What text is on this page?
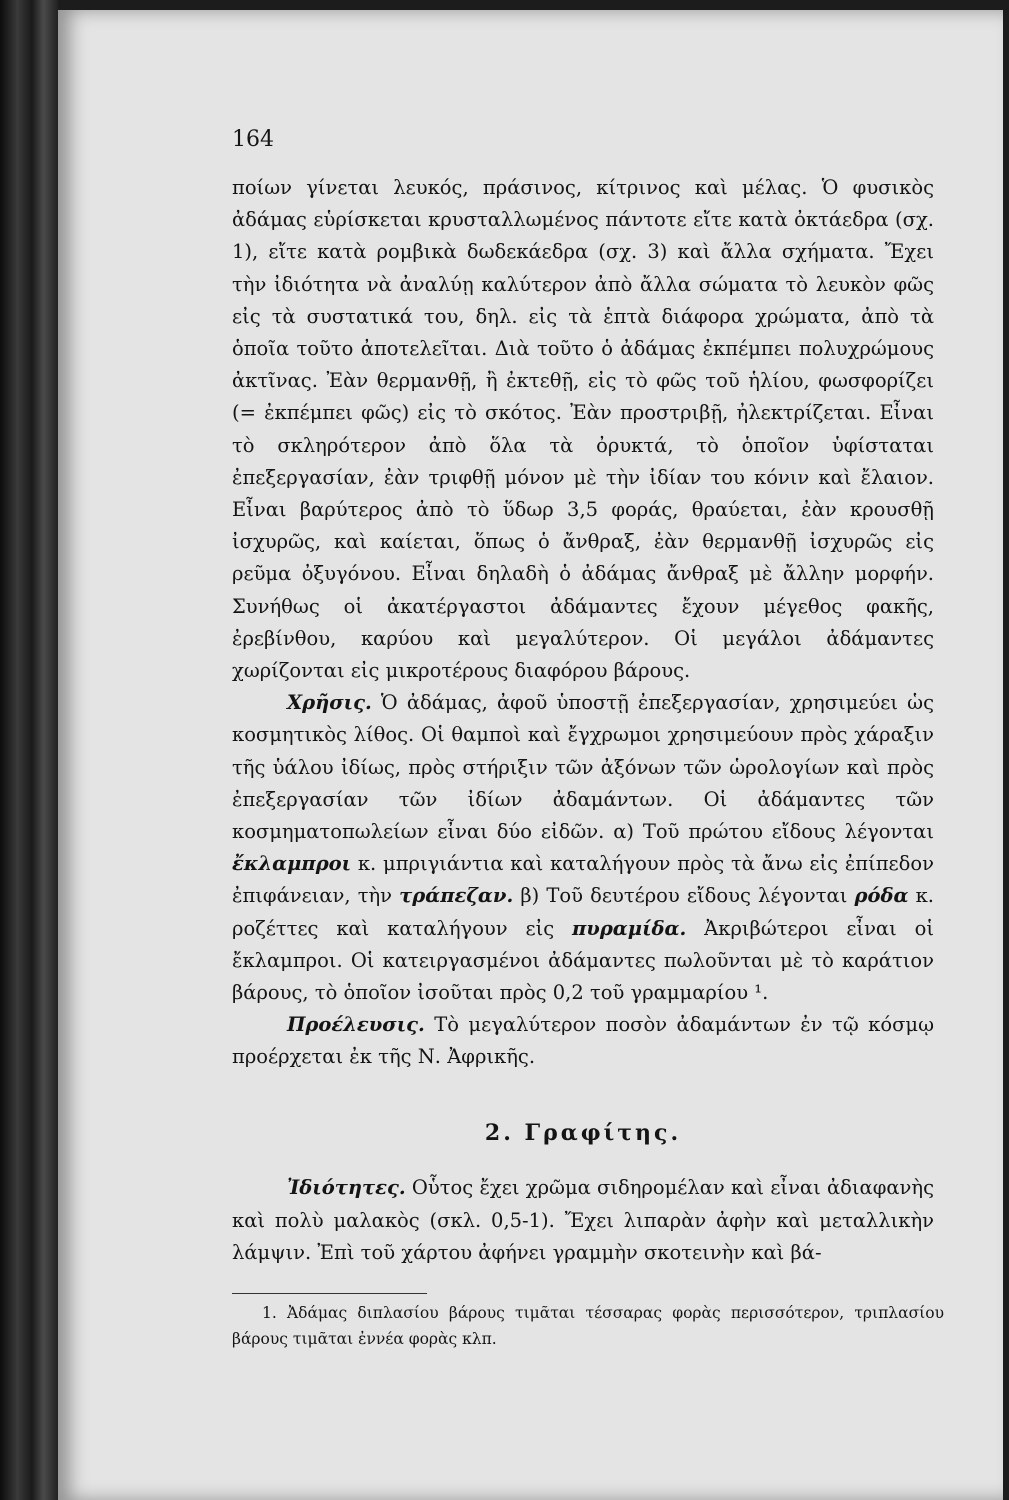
164

ποίων γίνεται λευκός, πράσινος, κίτρινος καὶ μέλας. Ὁ φυσικὸς ἀδάμας εὑρίσκεται κρυσταλλωμένος πάντοτε εἴτε κατὰ ὀκτάεδρα (σχ. 1), εἴτε κατὰ ρομβικὰ δωδεκάεδρα (σχ. 3) καὶ ἄλλα σχήματα. Ἔχει τὴν ἰδιότητα νὰ ἀναλύῃ καλύτερον ἀπὸ ἄλλα σώματα τὸ λευκὸν φῶς εἰς τὰ συστατικά του, δηλ. εἰς τὰ ἑπτὰ διάφορα χρώματα, ἀπὸ τὰ ὁποῖα τοῦτο ἀποτελεῖται. Διὰ τοῦτο ὁ ἀδάμας ἐκπέμπει πολυχρώμους ἀκτῖνας. Ἐὰν θερμανθῇ, ἢ ἐκτεθῇ, εἰς τὸ φῶς τοῦ ἡλίου, φωσφορίζει (= ἐκπέμπει φῶς) εἰς τὸ σκότος. Ἐὰν προστριβῇ, ἠλεκτρίζεται. Εἶναι τὸ σκληρότερον ἀπὸ ὅλα τὰ ὀρυκτά, τὸ ὁποῖον ὑφίσταται ἐπεξεργασίαν, ἐὰν τριφθῇ μόνον μὲ τὴν ἰδίαν του κόνιν καὶ ἔλαιον. Εἶναι βαρύτερος ἀπὸ τὸ ὕδωρ 3,5 φοράς, θραύεται, ἐὰν κρουσθῇ ἰσχυρῶς, καὶ καίεται, ὅπως ὁ ἄνθραξ, ἐὰν θερμανθῇ ἰσχυρῶς εἰς ρεῦμα ὀξυγόνου. Εἶναι δηλαδὴ ὁ ἀδάμας ἄνθραξ μὲ ἄλλην μορφήν. Συνήθως οἱ ἀκατέργαστοι ἀδάμαντες ἔχουν μέγεθος φακῆς, ἐρεβίνθου, καρύου καὶ μεγαλύτερον. Οἱ μεγάλοι ἀδάμαντες χωρίζονται εἰς μικροτέρους διαφόρου βάρους.

Χρῆσις. Ὁ ἀδάμας, ἀφοῦ ὑποστῇ ἐπεξεργασίαν, χρησιμεύει ὡς κοσμητικὸς λίθος. Οἱ θαμποὶ καὶ ἔγχρωμοι χρησιμεύουν πρὸς χάραξιν τῆς ὑάλου ἰδίως, πρὸς στήριξιν τῶν ἀξόνων τῶν ὡρολογίων καὶ πρὸς ἐπεξεργασίαν τῶν ἰδίων ἀδαμάντων. Οἱ ἀδάμαντες τῶν κοσμηματοπωλείων εἶναι δύο εἰδῶν. α) Τοῦ πρώτου εἴδους λέγονται ἔκλαμπροι κ. μπριγιάντια καὶ καταλήγουν πρὸς τὰ ἄνω εἰς ἐπίπεδον ἐπιφάνειαν, τὴν τράπεζαν. β) Τοῦ δευτέρου εἴδους λέγονται ρόδα κ. ροζέττες καὶ καταλήγουν εἰς πυραμίδα. Ἀκριβώτεροι εἶναι οἱ ἔκλαμπροι. Οἱ κατειργασμένοι ἀδάμαντες πωλοῦνται μὲ τὸ καράτιον βάρους, τὸ ὁποῖον ἰσοῦται πρὸς 0,2 τοῦ γραμμαρίου ¹.

Προέλευσις. Τὸ μεγαλύτερον ποσὸν ἀδαμάντων ἐν τῷ κόσμῳ προέρχεται ἐκ τῆς Ν. Ἀφρικῆς.

2. Γραφίτης.

Ἰδιότητες. Οὗτος ἔχει χρῶμα σιδηρομέλαν καὶ εἶναι ἀδιαφανὴς καὶ πολὺ μαλακὸς (σκλ. 0,5-1). Ἔχει λιπαρὰν ἀφὴν καὶ μεταλλικὴν λάμψιν. Ἐπὶ τοῦ χάρτου ἀφήνει γραμμὴν σκοτεινὴν καὶ βά-

1. Ἀδάμας διπλασίου βάρους τιμᾶται τέσσαρας φορὰς περισσότερον, τριπλασίου βάρους τιμᾶται ἐννέα φορὰς κλπ.
